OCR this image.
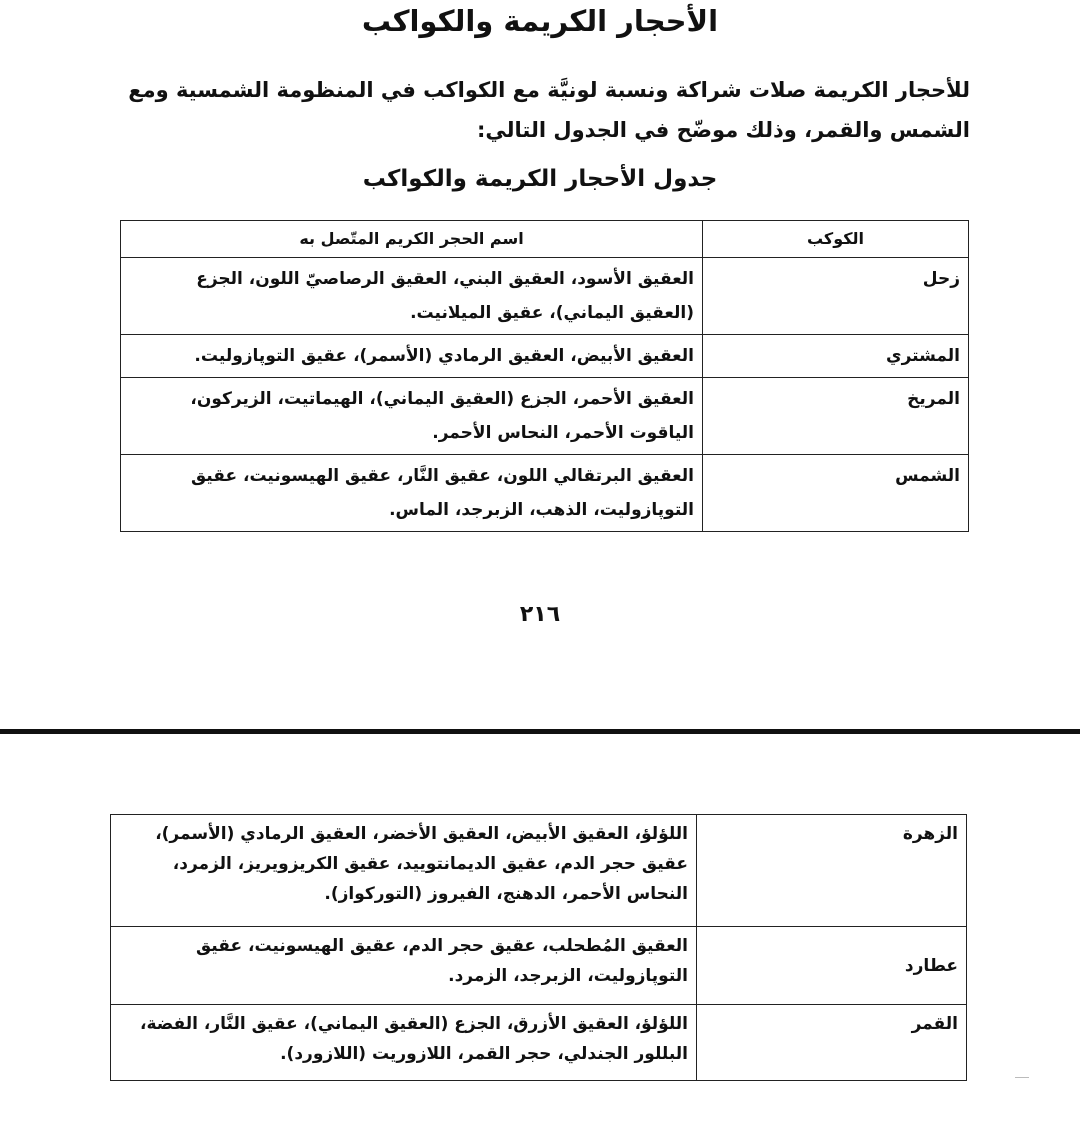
الأحجار الكريمة والكواكب
للأحجار الكريمة صلات شراكة ونسبة لونيَّة مع الكواكب في المنظومة الشمسية ومع
الشمس والقمر، وذلك موضّح في الجدول التالي:
جدول الأحجار الكريمة والكواكب
الكوكب	اسم الحجر الكريم المتّصل به
زحل	العقيق الأسود، العقيق البني، العقيق الرصاصيّ اللون، الجزع (العقيق اليماني)، عقيق الميلانيت.
المشتري	العقيق الأبيض، العقيق الرمادي (الأسمر)، عقيق التوپازوليت.
المريخ	العقيق الأحمر، الجزع (العقيق اليماني)، الهيماتيت، الزيركون، الياقوت الأحمر، النحاس الأحمر.
الشمس	العقيق البرتقالي اللون، عقيق النَّار، عقيق الهيسونيت، عقيق التوپازوليت، الذهب، الزبرجد، الماس.
٢١٦
الزهرة	اللؤلؤ، العقيق الأبيض، العقيق الأخضر، العقيق الرمادي (الأسمر)، عقيق حجر الدم، عقيق الديمانتوييد، عقيق الكريزويريز، الزمرد، النحاس الأحمر، الدهنج، الفيروز (التوركواز).
عطارد	العقيق المُطحلب، عقيق حجر الدم، عقيق الهيسونيت، عقيق التوپازوليت، الزبرجد، الزمرد.
القمر	اللؤلؤ، العقيق الأزرق، الجزع (العقيق اليماني)، عقيق النَّار، الفضة، البللور الجندلي، حجر القمر، اللازوريت (اللازورد).
